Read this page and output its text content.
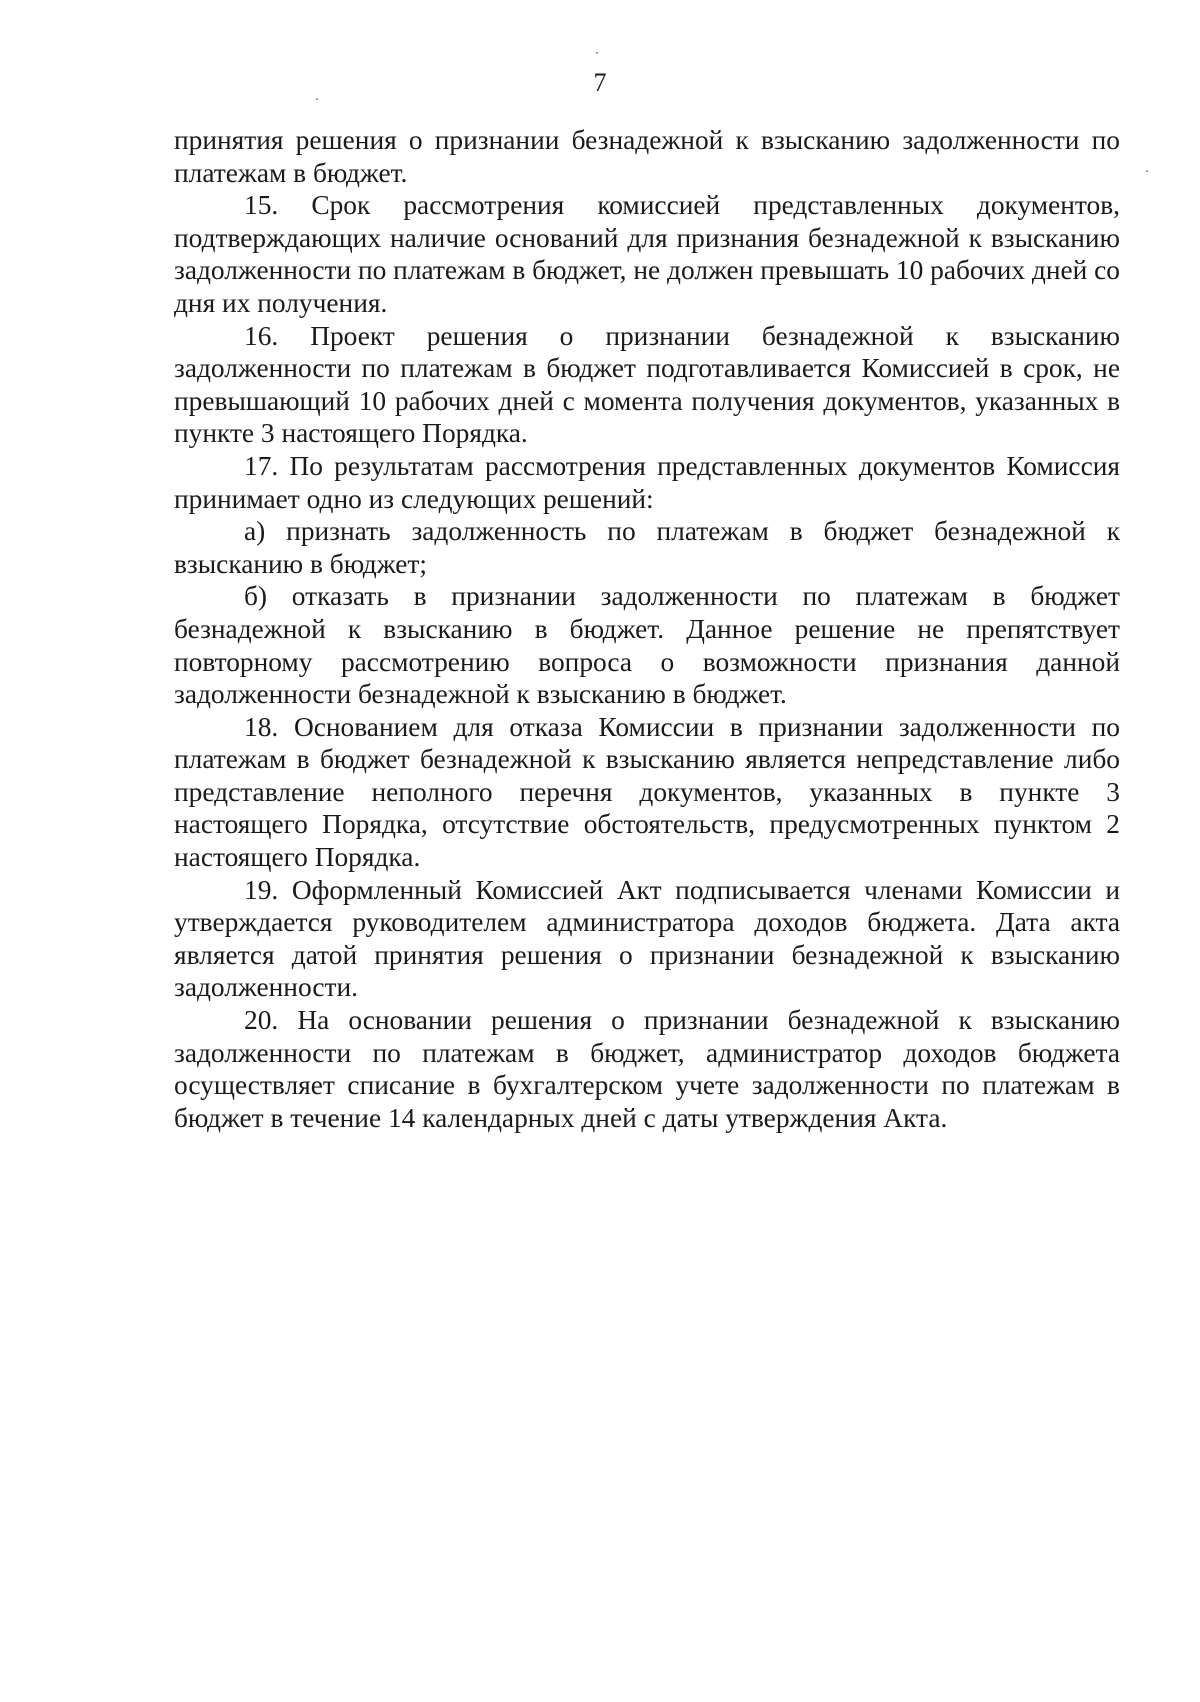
7

принятия решения о признании безнадежной к взысканию задолженности по платежам в бюджет.

15. Срок рассмотрения комиссией представленных документов, подтверждающих наличие оснований для признания безнадежной к взысканию задолженности по платежам в бюджет, не должен превышать 10 рабочих дней со дня их получения.

16. Проект решения о признании безнадежной к взысканию задолженности по платежам в бюджет подготавливается Комиссией в срок, не превышающий 10 рабочих дней с момента получения документов, указанных в пункте 3 настоящего Порядка.

17. По результатам рассмотрения представленных документов Комиссия принимает одно из следующих решений:

а) признать задолженность по платежам в бюджет безнадежной к взысканию в бюджет;

б) отказать в признании задолженности по платежам в бюджет безнадежной к взысканию в бюджет. Данное решение не препятствует повторному рассмотрению вопроса о возможности признания данной задолженности безнадежной к взысканию в бюджет.

18. Основанием для отказа Комиссии в признании задолженности по платежам в бюджет безнадежной к взысканию является непредставление либо представление неполного перечня документов, указанных в пункте 3 настоящего Порядка, отсутствие обстоятельств, предусмотренных пунктом 2 настоящего Порядка.

19. Оформленный Комиссией Акт подписывается членами Комиссии и утверждается руководителем администратора доходов бюджета. Дата акта является датой принятия решения о признании безнадежной к взысканию задолженности.

20. На основании решения о признании безнадежной к взысканию задолженности по платежам в бюджет, администратор доходов бюджета осуществляет списание в бухгалтерском учете задолженности по платежам в бюджет в течение 14 календарных дней с даты утверждения Акта.
